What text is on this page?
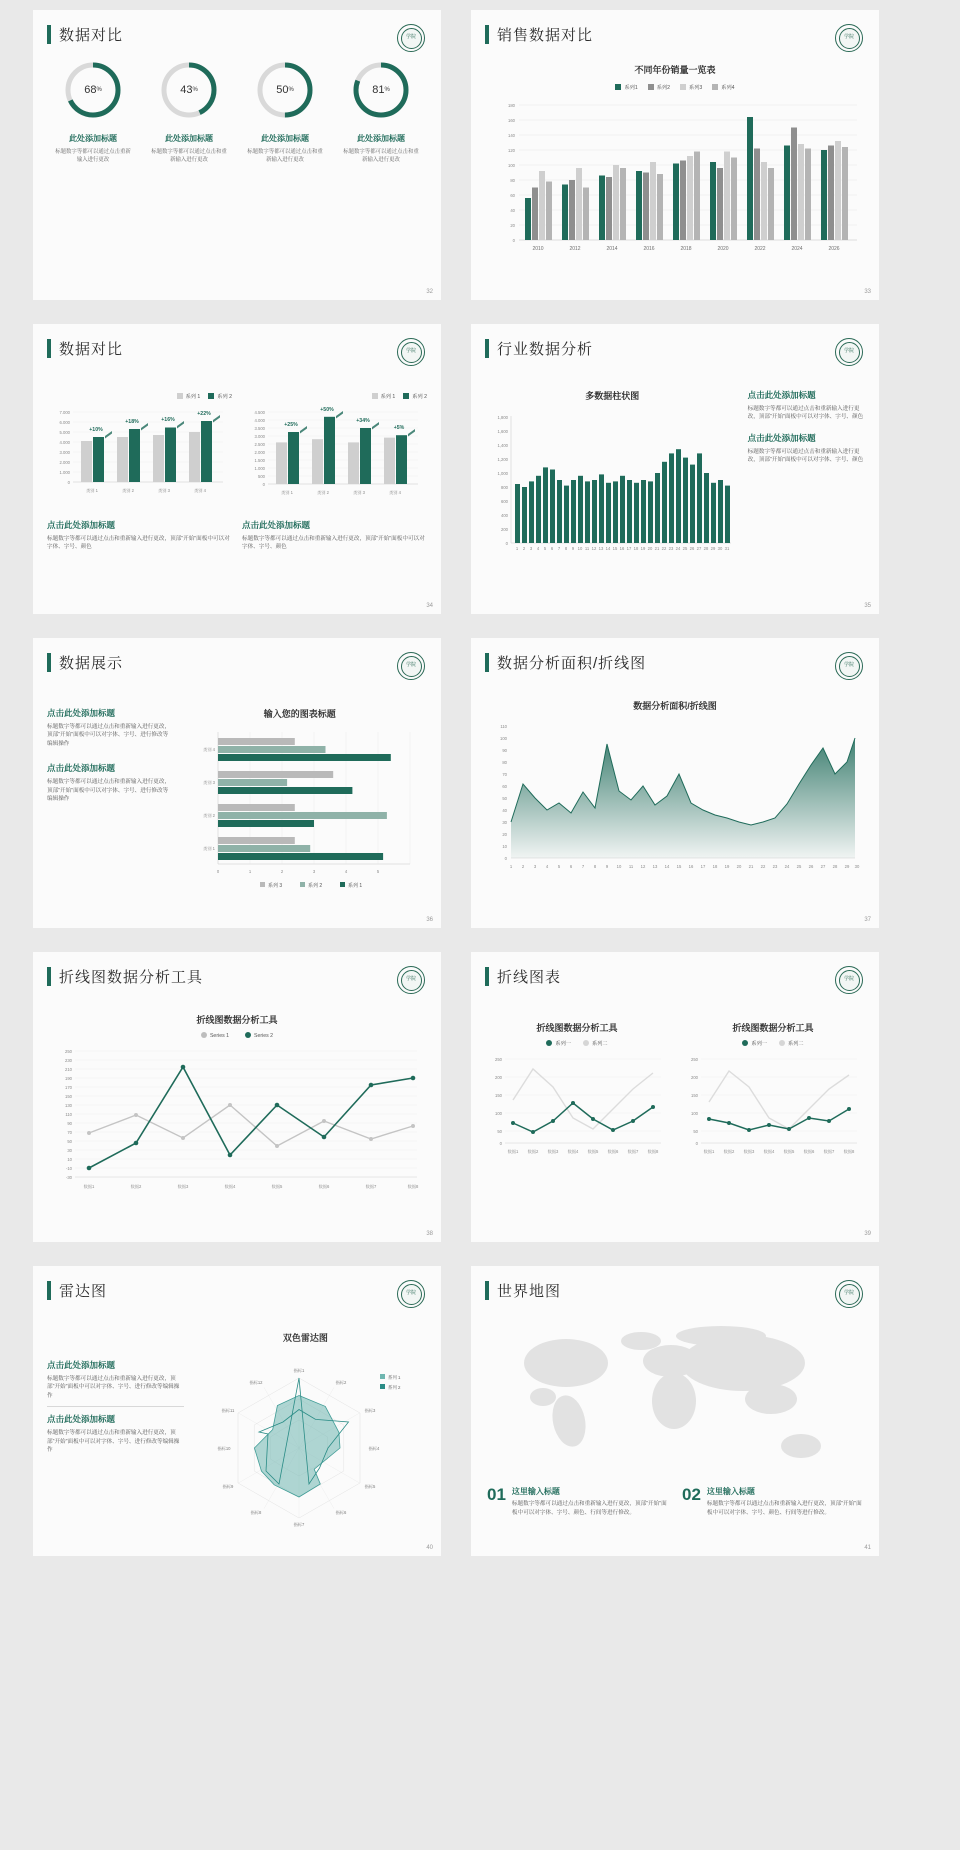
数据对比	学院
68 %
此处添加标题
标题数字等都可以通过点击重新输入进行更改
43 %
此处添加标题
标题数字等都可以通过点击和重新输入进行更改
50 %
此处添加标题
标题数字等都可以通过点击和重新输入进行更改
81 %
此处添加标题
标题数字等都可以通过点击和重新输入进行更改
32
销售数据对比	学院
不同年份销量一览表
系列1	系列2	系列3	系列4
0
20
40
60
80
100
120
140
160
180
2010	2012	2014	2016	2018	2020	2022	2024	2026
33
数据对比	学院
系列 1	系列 2
0
1.000
2.000
3.000
4.000
5.000
6.000
7.000
+10%
+18%	+16%
+22%
类别 1	类别 2	类别 3	类别 4
系列 1	系列 2
0
500
1.000
1.500
2.000
2.500
3.000
3.500
4.000
4.500
+25%
+50%
+34%
+5%
类别 1	类别 2	类别 3	类别 4
点击此处添加标题
标题数字等都可以通过点击和重新输入进行更改，顶部“开始”面板中可以对字体、字号、颜色
点击此处添加标题
标题数字等都可以通过点击和重新输入进行更改，顶部“开始”面板中可以对字体、字号、颜色
34
行业数据分析	学院
多数据柱状图
0
200
400
600
800
1,000
1,200
1,400
1,600
1,800
1 2 3 4 5 6 7 8 9 10 11 12 13 14 15 16 17 18 19 20 21 22 23 24 25 26 27 28 29 30 31
点击此处添加标题
标题数字等都可以通过点击和重新输入进行更改，顶部“开始”面板中可以对字体、字号、颜色
点击此处添加标题
标题数字等都可以通过点击和重新输入进行更改，顶部“开始”面板中可以对字体、字号、颜色
35
数据展示	学院
点击此处添加标题
标题数字等都可以通过点击和重新输入进行更改，顶部“开始”面板中可以对字体、字号、进行修改等编辑操作
点击此处添加标题
标题数字等都可以通过点击和重新输入进行更改，顶部“开始”面板中可以对字体、字号、进行修改等编辑操作
输入您的图表标题
类别 4
类别 3
类别 2
类别 1
0	1	2	3	4	5
系列 3	系列 2	系列 1
36
数据分析面积/折线图	学院
数据分析面积/折线图
0
10
20
30
40
50
60
70
80
90
100
110
1 2 3 4 5 6 7 8 9 10 11 12 13 14 15 16 17 18 19 20 21 22 23 24 25 26 27 28 29 30
37
折线图数据分析工具	学院
折线图数据分析工具
Series 1	Series 2
250
230
210
190
170
150
130
110
90
70
50
30
10
-10
-30
数据1	数据2	数据3	数据4	数据5	数据6	数据7	数据8
38
折线图表	学院
折线图数据分析工具
系列一	系列二
250
200
150
100
50
0
数据1 数据2 数据3 数据4 数据5 数据6 数据7 数据8
折线图数据分析工具
系列一	系列二
250
200
150
100
50
0
数据1 数据2 数据3 数据4 数据5 数据6 数据7 数据8
39
雷达图	学院
点击此处添加标题
标题数字等都可以通过点击和重新输入进行更改，顶部“开始”面板中可以对字体、字号、进行修改等编辑操作
点击此处添加标题
标题数字等都可以通过点击和重新输入进行更改，顶部“开始”面板中可以对字体、字号、进行修改等编辑操作
双色雷达图
指标1
指标2
指标3
指标4
指标5
指标6
指标7
指标8
指标9
指标10
指标11
指标12
系列 1
系列 2
40
世界地图	学院
01 这里输入标题
标题数字等都可以通过点击和重新输入进行更改，顶部“开始”面板中可以对字体、字号、颜色、行间等进行修改。
02 这里输入标题
标题数字等都可以通过点击和重新输入进行更改，顶部“开始”面板中可以对字体、字号、颜色、行间等进行修改。
41
